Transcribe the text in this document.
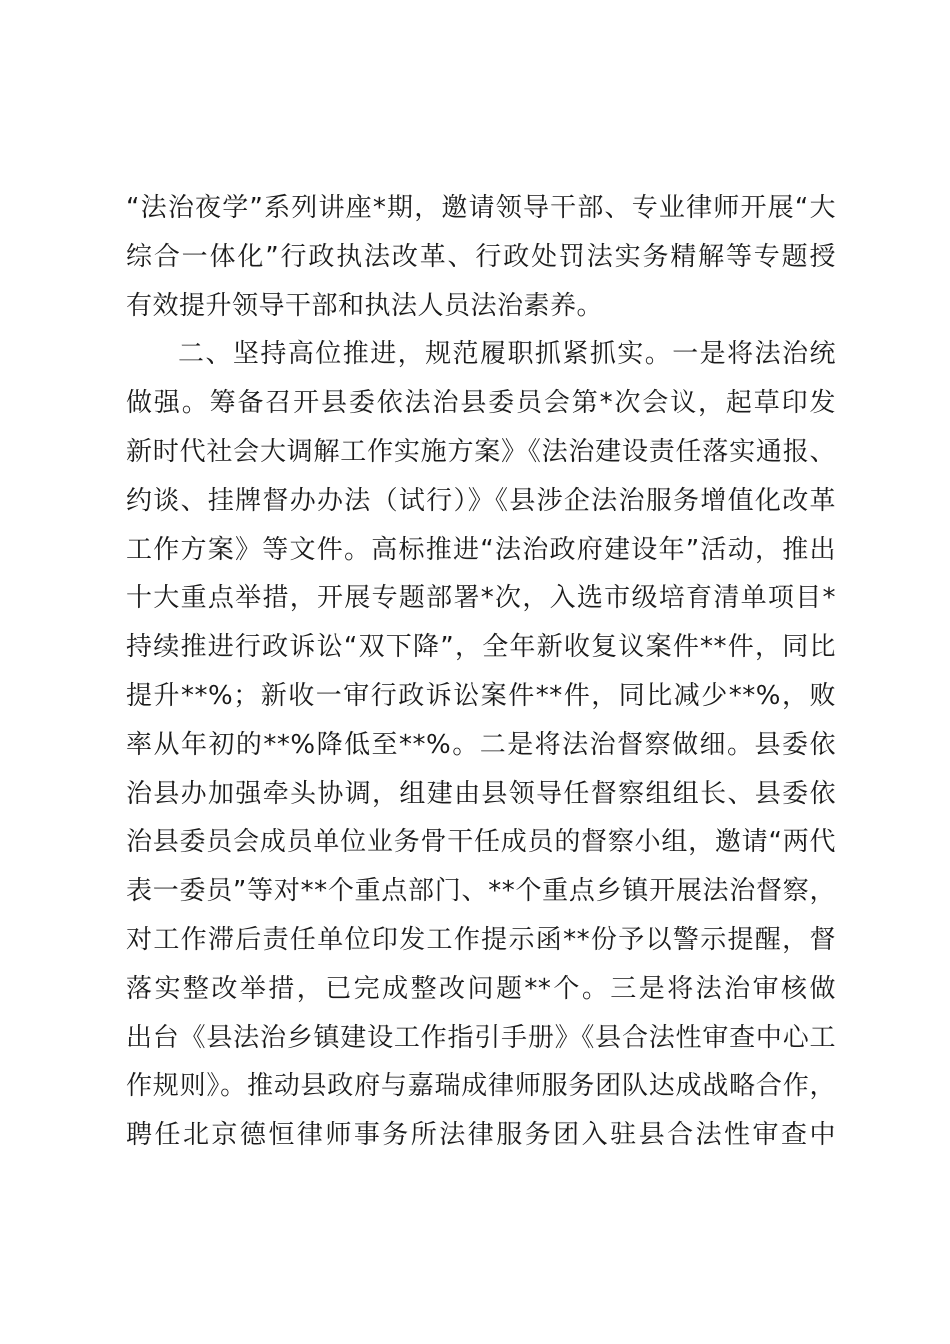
“法治夜学”系列讲座*期，邀请领导干部、专业律师开展“大
综合一体化”行政执法改革、行政处罚法实务精解等专题授
有效提升领导干部和执法人员法治素养。
二、坚持高位推进，规范履职抓紧抓实。一是将法治统
做强。筹备召开县委依法治县委员会第*次会议，起草印发
新时代社会大调解工作实施方案》《法治建设责任落实通报、
约谈、挂牌督办办法（试行）》《县涉企法治服务增值化改革
工作方案》等文件。高标推进“法治政府建设年”活动，推出
十大重点举措，开展专题部署*次，入选市级培育清单项目*
持续推进行政诉讼“双下降”，全年新收复议案件**件，同比
提升**%；新收一审行政诉讼案件**件，同比减少**%，败
率从年初的**%降低至**%。二是将法治督察做细。县委依
治县办加强牵头协调，组建由县领导任督察组组长、县委依
治县委员会成员单位业务骨干任成员的督察小组，邀请“两代
表一委员”等对**个重点部门、**个重点乡镇开展法治督察，
对工作滞后责任单位印发工作提示函**份予以警示提醒，督
落实整改举措，已完成整改问题**个。三是将法治审核做
出台《县法治乡镇建设工作指引手册》《县合法性审查中心工
作规则》。推动县政府与嘉瑞成律师服务团队达成战略合作，
聘任北京德恒律师事务所法律服务团入驻县合法性审查中
